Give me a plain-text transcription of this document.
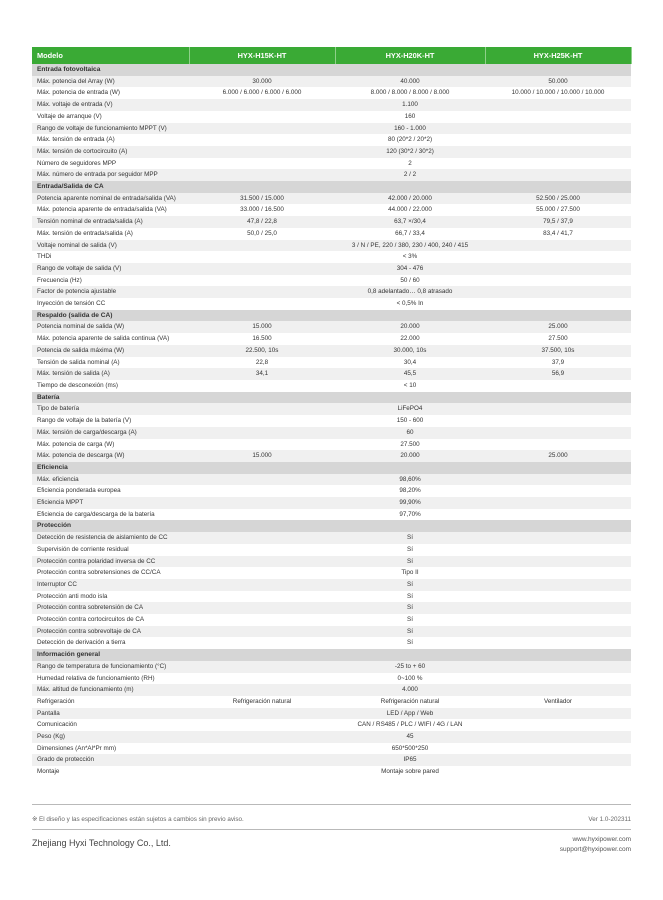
Modelo	HYX-H15K-HT	HYX-H20K-HT	HYX-H25K-HT
Entrada fotovoltaica			
Máx. potencia del Array (W)	30.000	40.000	50.000
Máx. potencia de entrada (W)	6.000 / 6.000 / 6.000 / 6.000	8.000 / 8.000 / 8.000 / 8.000	10.000 / 10.000 / 10.000 / 10.000
Máx. voltaje de entrada (V)	1.100		
Voltaje de arranque (V)	160		
Rango de voltaje de funcionamiento MPPT (V)	160 - 1.000		
Máx. tensión de entrada (A)	80 (20*2 / 20*2)		
Máx. tensión de cortocircuito (A)	120 (30*2 / 30*2)		
Número de seguidores MPP	2		
Máx. número de entrada por seguidor MPP	2 / 2		
Entrada/Salida de CA			
Potencia aparente nominal de entrada/salida (VA)	31.500 / 15.000	42.000 / 20.000	52.500 / 25.000
Máx. potencia aparente de entrada/salida (VA)	33.000 / 16.500	44.000 / 22.000	55.000 / 27.500
Tensión nominal de entrada/salida (A)	47,8 / 22,8	63,7 ×/30,4	79,5 / 37,9
Máx. tensión de entrada/salida (A)	50,0 / 25,0	66,7 / 33,4	83,4 / 41,7
Voltaje nominal de salida (V)	3 / N / PE, 220 / 380, 230 / 400, 240 / 415		
THDi	< 3%		
Rango de voltaje de salida (V)	304 - 476		
Frecuencia (Hz)	50 / 60		
Factor de potencia ajustable	0,8 adelantado… 0,8 atrasado		
Inyección de tensión CC	< 0,5% In		
Respaldo (salida de CA)			
Potencia nominal de salida (W)	15.000	20.000	25.000
Máx. potencia aparente de salida continua (VA)	16.500	22.000	27.500
Potencia de salida máxima (W)	22.500, 10s	30.000, 10s	37.500, 10s
Tensión de salida nominal (A)	22,8	30,4	37,9
Máx. tensión de salida (A)	34,1	45,5	56,9
Tiempo de desconexión (ms)	< 10		
Batería			
Tipo de batería	LiFePO4		
Rango de voltaje de la batería (V)	150 - 600		
Máx. tensión de carga/descarga (A)	60		
Máx. potencia de carga (W)	27.500		
Máx. potencia de descarga (W)	15.000	20.000	25.000
Eficiencia			
Máx. eficiencia	98,60%		
Eficiencia ponderada europea	98,20%		
Eficiencia MPPT	99,90%		
Eficiencia de carga/descarga de la batería	97,70%		
Protección			
Detección de resistencia de aislamiento de CC	Sí		
Supervisión de corriente residual	Sí		
Protección contra polaridad inversa de CC	Sí		
Protección contra sobretensiones de CC/CA	Tipo II		
Interruptor CC	Sí		
Protección anti modo isla	Sí		
Protección contra sobretensión de CA	Sí		
Protección contra cortocircuitos de CA	Sí		
Protección contra sobrevoltaje de CA	Sí		
Detección de derivación a tierra	Sí		
Información general			
Rango de temperatura de funcionamiento (°C)	-25 to + 60		
Humedad relativa de funcionamiento (RH)	0~100 %		
Máx. altitud de funcionamiento (m)	4.000		
Refrigeración	Refrigeración natural	Refrigeración natural	Ventilador
Pantalla	LED / App / Web		
Comunicación	CAN / RS485 / PLC / WIFI / 4G / LAN		
Peso (Kg)	45		
Dimensiones (An*Al*Pr mm)	650*500*250		
Grado de protección	IP65		
Montaje	Montaje sobre pared		
※ El diseño y las especificaciones están sujetos a cambios sin previo aviso.	Ver 1.0-202311
Zhejiang Hyxi Technology Co., Ltd.	www.hyxipower.com
support@hyxipower.com
